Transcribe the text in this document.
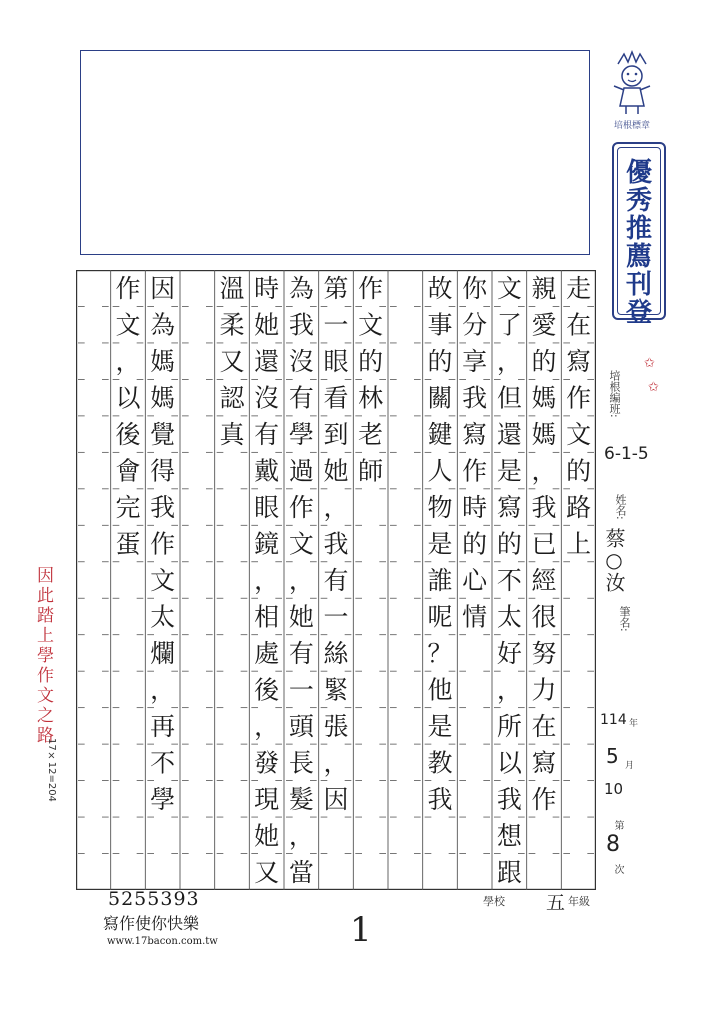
培根標章
優
秀
推
薦
刊
登
走
在
寫
作
文
的
路
上
親
愛
的
媽
媽
，
我
已
經
很
努
力
在
寫
作
文
了
，
但
還
是
寫
的
不
太
好
，
所
以
我
想
跟
你
分
享
我
寫
作
時
的
心
情
故
事
的
關
鍵
人
物
是
誰
呢
？
他
是
教
我
作
文
的
林
老
師
第
一
眼
看
到
她
，
我
有
一
絲
緊
張
，
因
為
我
沒
有
學
過
作
文
，
她
有
一
頭
長
髮
，
當
時
她
還
沒
有
戴
眼
鏡
，
相
處
後
，
發
現
她
又
溫
柔
又
認
真
因
為
媽
媽
覺
得
我
作
文
太
爛
，
再
不
學
作
文
，
以
後
會
完
蛋
因此踏上學作文之路
17×12=204
✩
✩
培根編班:
6-1-5
姓名:
蔡○汝
筆名:
114 年
5 月
10
第
8
次
5255393
寫作使你快樂
www.17bacon.com.tw
學校 五 年級
1
